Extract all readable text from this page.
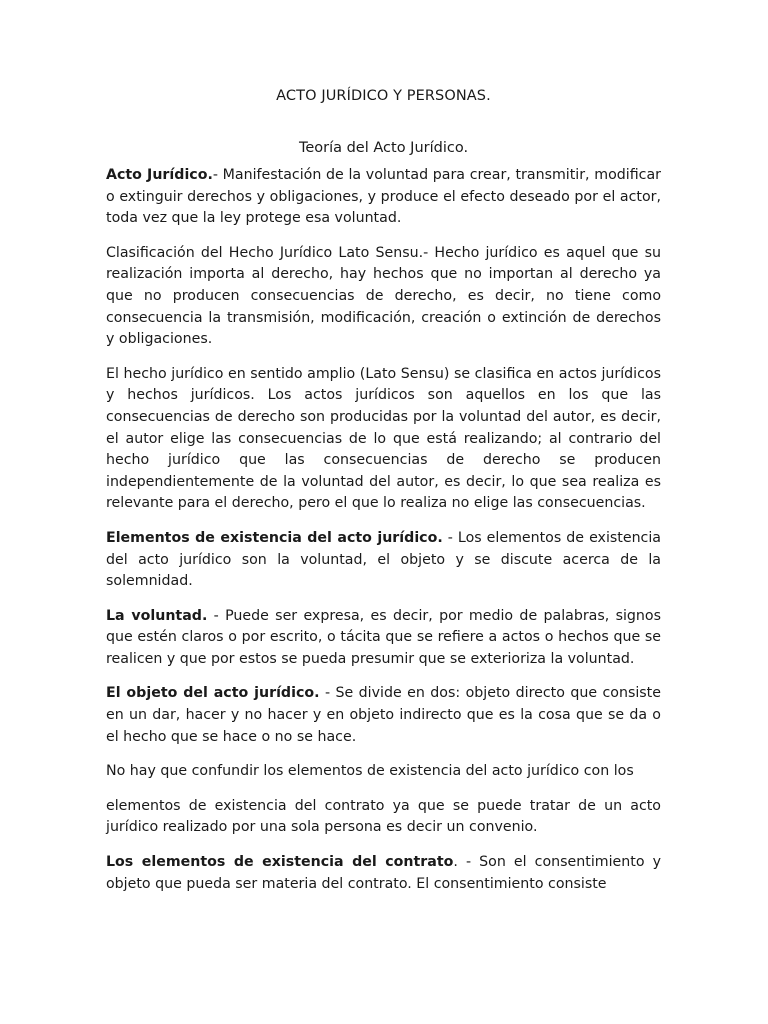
ACTO JURÍDICO Y PERSONAS.

Teoría del Acto Jurídico.

Acto Jurídico.- Manifestación de la voluntad para crear, transmitir, modificar o extinguir derechos y obligaciones, y produce el efecto deseado por el actor, toda vez que la ley protege esa voluntad.

Clasificación del Hecho Jurídico Lato Sensu.- Hecho jurídico es aquel que su realización importa al derecho, hay hechos que no importan al derecho ya que no producen consecuencias de derecho, es decir, no tiene como consecuencia la transmisión, modificación, creación o extinción de derechos y obligaciones.

El hecho jurídico en sentido amplio (Lato Sensu) se clasifica en actos jurídicos y hechos jurídicos. Los actos jurídicos son aquellos en los que las consecuencias de derecho son producidas por la voluntad del autor, es decir, el autor elige las consecuencias de lo que está realizando; al contrario del hecho jurídico que las consecuencias de derecho se producen independientemente de la voluntad del autor, es decir, lo que sea realiza es relevante para el derecho, pero el que lo realiza no elige las consecuencias.

Elementos de existencia del acto jurídico. - Los elementos de existencia del acto jurídico son la voluntad, el objeto y se discute acerca de la solemnidad.

La voluntad. - Puede ser expresa, es decir, por medio de palabras, signos que estén claros o por escrito, o tácita que se refiere a actos o hechos que se realicen y que por estos se pueda presumir que se exterioriza la voluntad.

El objeto del acto jurídico. - Se divide en dos: objeto directo que consiste en un dar, hacer y no hacer y en objeto indirecto que es la cosa que se da o el hecho que se hace o no se hace.

No hay que confundir los elementos de existencia del acto jurídico con los

elementos de existencia del contrato ya que se puede tratar de un acto jurídico realizado por una sola persona es decir un convenio.

Los elementos de existencia del contrato. - Son el consentimiento y objeto que pueda ser materia del contrato. El consentimiento consiste
